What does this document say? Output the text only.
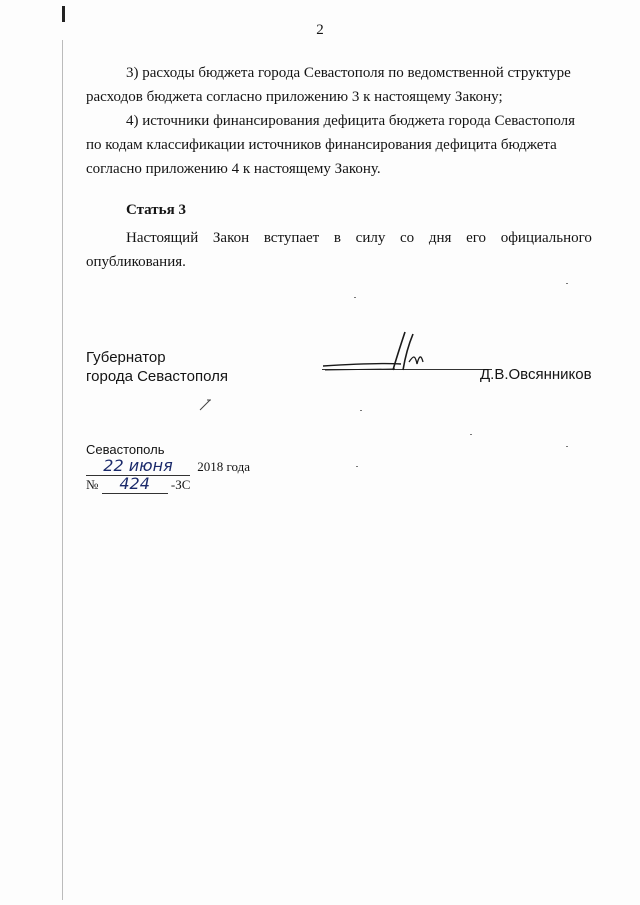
2
3) расходы бюджета города Севастополя по ведомственной структуре
расходов бюджета согласно приложению 3 к настоящему Закону;
4) источники финансирования дефицита бюджета города Севастополя
по кодам классификации источников финансирования дефицита бюджета
согласно приложению 4 к настоящему Закону.
Статья 3
Настоящий Закон вступает в силу со дня его официального
опубликования.
Губернатор
города Севастополя	Д.В.Овсянников
Севастополь
22 июня 2018 года
№ 424 -ЗС
